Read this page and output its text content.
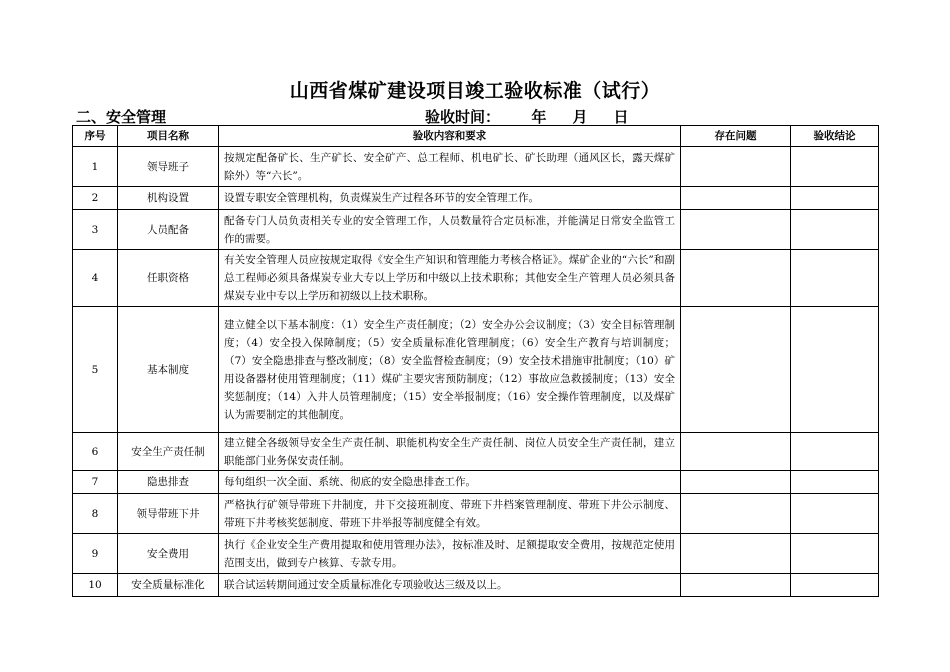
山西省煤矿建设项目竣工验收标准（试行）
二、安全管理	验收时间：      年     月     日
序号	项目名称	验收内容和要求	存在问题	验收结论
1	领导班子	按规定配备矿长、生产矿长、安全矿产、总工程师、机电矿长、矿长助理（通风区长，露天煤矿除外）等“六长”。		
2	机构设置	设置专职安全管理机构，负责煤炭生产过程各环节的安全管理工作。		
3	人员配备	配备专门人员负责相关专业的安全管理工作，人员数量符合定员标准，并能满足日常安全监管工作的需要。		
4	任职资格	有关安全管理人员应按规定取得《安全生产知识和管理能力考核合格证》。煤矿企业的“六长”和副总工程师必须具备煤炭专业大专以上学历和中级以上技术职称；其他安全生产管理人员必须具备煤炭专业中专以上学历和初级以上技术职称。		
5	基本制度	建立健全以下基本制度：（1）安全生产责任制度；（2）安全办公会议制度；（3）安全目标管理制度；（4）安全投入保障制度；（5）安全质量标准化管理制度；（6）安全生产教育与培训制度；（7）安全隐患排查与整改制度；（8）安全监督检查制度；（9）安全技术措施审批制度；（10）矿用设备器材使用管理制度；（11）煤矿主要灾害预防制度；（12）事故应急救援制度；（13）安全奖惩制度；（14）入井人员管理制度；（15）安全举报制度；（16）安全操作管理制度，以及煤矿认为需要制定的其他制度。		
6	安全生产责任制	建立健全各级领导安全生产责任制、职能机构安全生产责任制、岗位人员安全生产责任制，建立职能部门业务保安责任制。		
7	隐患排查	每旬组织一次全面、系统、彻底的安全隐患排查工作。		
8	领导带班下井	严格执行矿领导带班下井制度，井下交接班制度、带班下井档案管理制度、带班下井公示制度、带班下井考核奖惩制度、带班下井举报等制度健全有效。		
9	安全费用	执行《企业安全生产费用提取和使用管理办法》，按标准及时、足额提取安全费用，按规范定使用范围支出，做到专户核算、专款专用。		
10	安全质量标准化	联合试运转期间通过安全质量标准化专项验收达三级及以上。		
